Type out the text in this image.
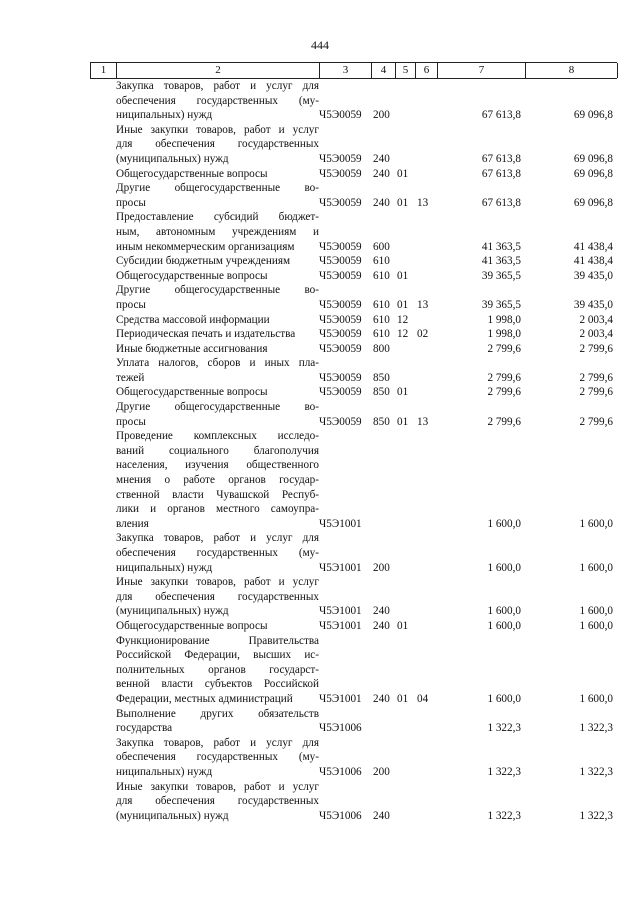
444
1	2	3	4	5	6	7	8
Закупка товаров, работ и услуг для
обеспечения государственных (му-
ниципальных) нужд	Ч5Э0059	200	67 613,8	69 096,8
Иные закупки товаров, работ и услуг
для обеспечения государственных
(муниципальных) нужд	Ч5Э0059	240	67 613,8	69 096,8
Общегосударственные вопросы	Ч5Э0059	240 01	67 613,8	69 096,8
Другие общегосударственные во-
просы	Ч5Э0059	240 01 13	67 613,8	69 096,8
Предоставление субсидий бюджет-
ным, автономным учреждениям и
иным некоммерческим организациям	Ч5Э0059	600	41 363,5	41 438,4
Субсидии бюджетным учреждениям	Ч5Э0059	610	41 363,5	41 438,4
Общегосударственные вопросы	Ч5Э0059	610 01	39 365,5	39 435,0
Другие общегосударственные во-
просы	Ч5Э0059	610 01 13	39 365,5	39 435,0
Средства массовой информации	Ч5Э0059	610 12	1 998,0	2 003,4
Периодическая печать и издательства	Ч5Э0059	610 12 02	1 998,0	2 003,4
Иные бюджетные ассигнования	Ч5Э0059	800	2 799,6	2 799,6
Уплата налогов, сборов и иных пла-
тежей	Ч5Э0059	850	2 799,6	2 799,6
Общегосударственные вопросы	Ч5Э0059	850 01	2 799,6	2 799,6
Другие общегосударственные во-
просы	Ч5Э0059	850 01 13	2 799,6	2 799,6
Проведение комплексных исследо-
ваний социального благополучия
населения, изучения общественного
мнения о работе органов государ-
ственной власти Чувашской Респуб-
лики и органов местного самоупра-
вления	Ч5Э1001	1 600,0	1 600,0
Закупка товаров, работ и услуг для
обеспечения государственных (му-
ниципальных) нужд	Ч5Э1001	200	1 600,0	1 600,0
Иные закупки товаров, работ и услуг
для обеспечения государственных
(муниципальных) нужд	Ч5Э1001	240	1 600,0	1 600,0
Общегосударственные вопросы	Ч5Э1001	240 01	1 600,0	1 600,0
Функционирование Правительства
Российской Федерации, высших ис-
полнительных органов государст-
венной власти субъектов Российской
Федерации, местных администраций	Ч5Э1001	240 01 04	1 600,0	1 600,0
Выполнение других обязательств
государства	Ч5Э1006	1 322,3	1 322,3
Закупка товаров, работ и услуг для
обеспечения государственных (му-
ниципальных) нужд	Ч5Э1006	200	1 322,3	1 322,3
Иные закупки товаров, работ и услуг
для обеспечения государственных
(муниципальных) нужд	Ч5Э1006	240	1 322,3	1 322,3
